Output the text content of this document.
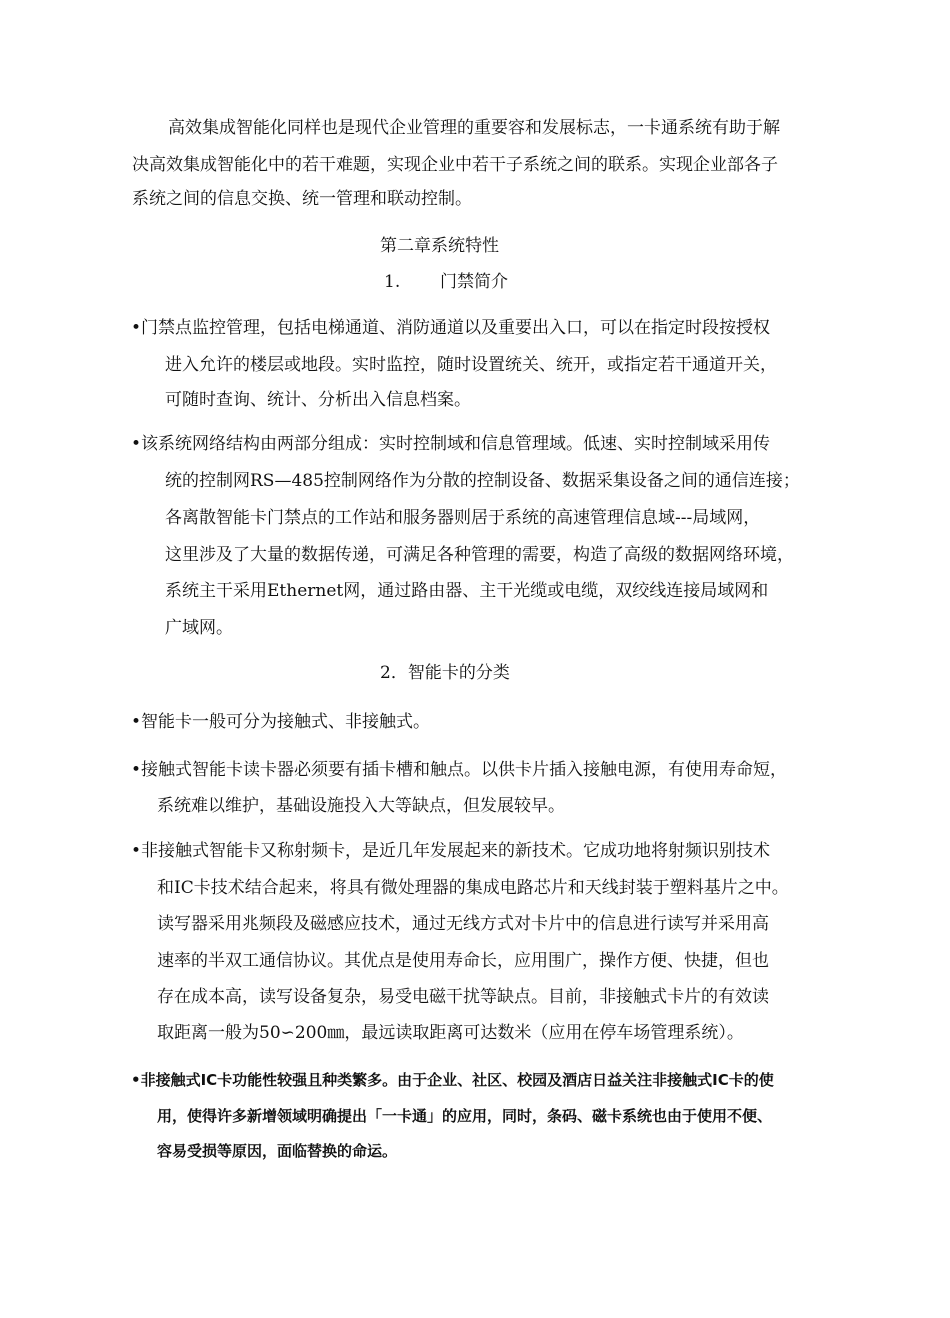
高效集成智能化同样也是现代企业管理的重要容和发展标志，一卡通系统有助于解
决高效集成智能化中的若干难题，实现企业中若干子系统之间的联系。实现企业部各子
系统之间的信息交换、统一管理和联动控制。
第二章系统特性
1. 门禁简介
•门禁点监控管理，包括电梯通道、消防通道以及重要出入口，可以在指定时段按授权
进入允许的楼层或地段。实时监控，随时设置统关、统开，或指定若干通道开关，
可随时查询、统计、分析出入信息档案。
•该系统网络结构由两部分组成：实时控制域和信息管理域。低速、实时控制域采用传
统的控制网RS—485控制网络作为分散的控制设备、数据采集设备之间的通信连接；
各离散智能卡门禁点的工作站和服务器则居于系统的高速管理信息域---局域网，
这里涉及了大量的数据传递，可满足各种管理的需要，构造了高级的数据网络环境，
系统主干采用Ethernet网，通过路由器、主干光缆或电缆，双绞线连接局域网和
广域网。
2．智能卡的分类
•智能卡一般可分为接触式、非接触式。
•接触式智能卡读卡器必须要有插卡槽和触点。以供卡片插入接触电源，有使用寿命短，
系统难以维护，基础设施投入大等缺点，但发展较早。
•非接触式智能卡又称射频卡，是近几年发展起来的新技术。它成功地将射频识别技术
和IC卡技术结合起来，将具有微处理器的集成电路芯片和天线封装于塑料基片之中。
读写器采用兆频段及磁感应技术，通过无线方式对卡片中的信息进行读写并采用高
速率的半双工通信协议。其优点是使用寿命长，应用围广，操作方便、快捷，但也
存在成本高，读写设备复杂，易受电磁干扰等缺点。目前，非接触式卡片的有效读
取距离一般为50∽200㎜，最远读取距离可达数米（应用在停车场管理系统）。
•非接触式IC卡功能性较强且种类繁多。由于企业、社区、校园及酒店日益关注非接触式IC卡的使
用，使得许多新增领域明确提出「一卡通」的应用，同时，条码、磁卡系统也由于使用不便、
容易受损等原因，面临替换的命运。
